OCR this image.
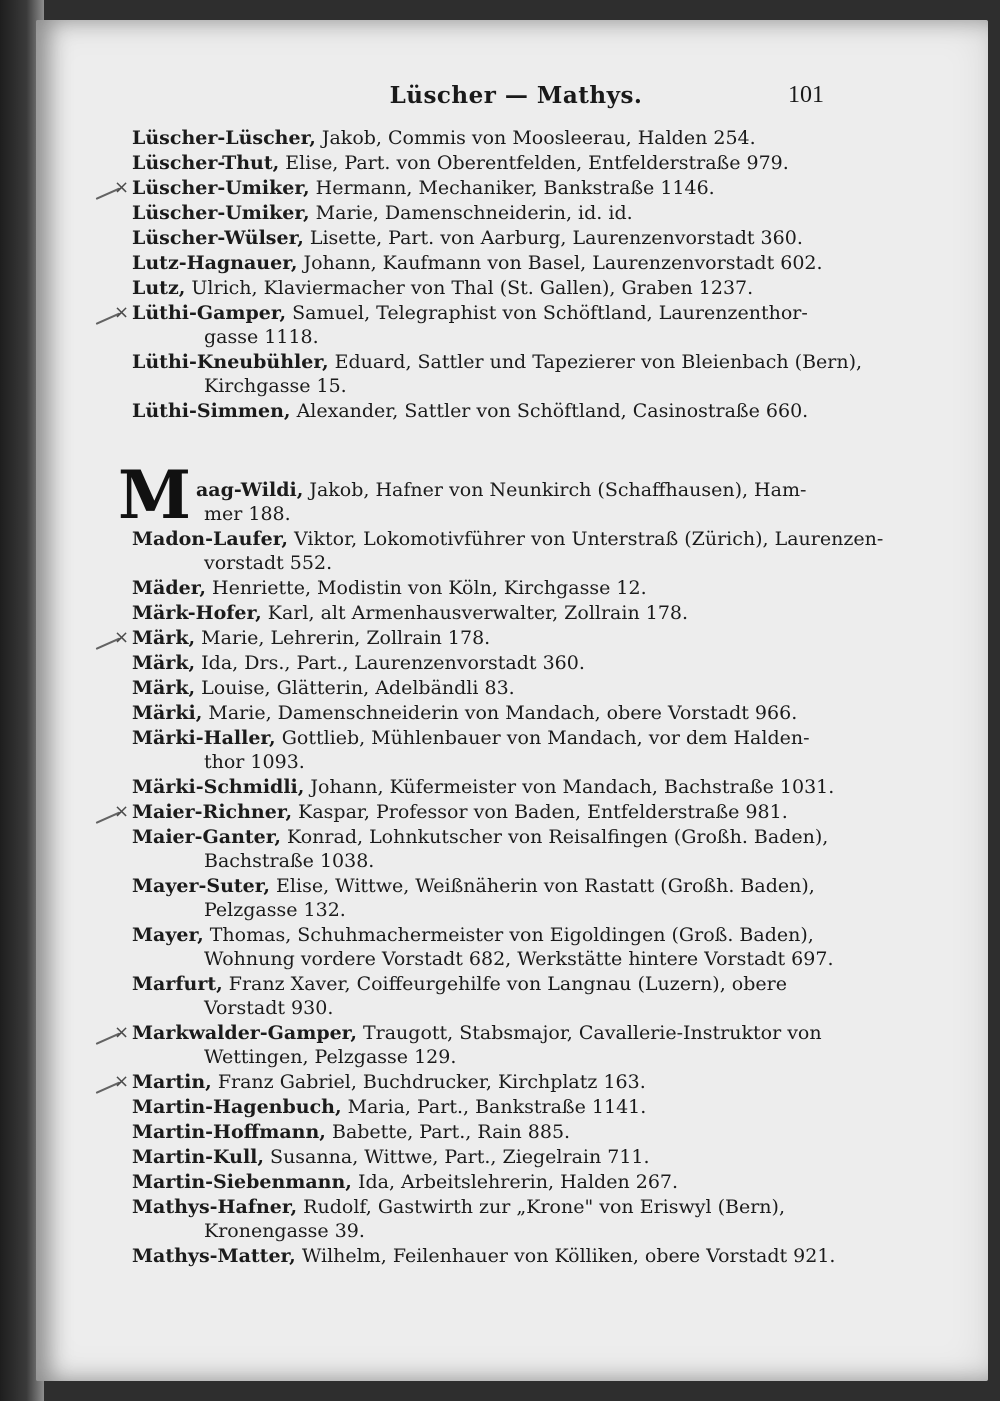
Lüscher — Mathys.	101
M
Lüscher-Lüscher, Jakob, Commis von Moosleerau, Halden 254.
Lüscher-Thut, Elise, Part. von Oberentfelden, Entfelderstraße 979.
Lüscher-Umiker, Hermann, Mechaniker, Bankstraße 1146.
Lüscher-Umiker, Marie, Damenschneiderin, id. id.
Lüscher-Wülser, Lisette, Part. von Aarburg, Laurenzenvorstadt 360.
Lutz-Hagnauer, Johann, Kaufmann von Basel, Laurenzenvorstadt 602.
Lutz, Ulrich, Klaviermacher von Thal (St. Gallen), Graben 1237.
Lüthi-Gamper, Samuel, Telegraphist von Schöftland, Laurenzenthor-
gasse 1118.
Lüthi-Kneubühler, Eduard, Sattler und Tapezierer von Bleienbach (Bern),
Kirchgasse 15.
Lüthi-Simmen, Alexander, Sattler von Schöftland, Casinostraße 660.
aag-Wildi, Jakob, Hafner von Neunkirch (Schaffhausen), Ham-
mer 188.
Madon-Laufer, Viktor, Lokomotivführer von Unterstraß (Zürich), Laurenzen-
vorstadt 552.
Mäder, Henriette, Modistin von Köln, Kirchgasse 12.
Märk-Hofer, Karl, alt Armenhausverwalter, Zollrain 178.
Märk, Marie, Lehrerin, Zollrain 178.
Märk, Ida, Drs., Part., Laurenzenvorstadt 360.
Märk, Louise, Glätterin, Adelbändli 83.
Märki, Marie, Damenschneiderin von Mandach, obere Vorstadt 966.
Märki-Haller, Gottlieb, Mühlenbauer von Mandach, vor dem Halden-
thor 1093.
Märki-Schmidli, Johann, Küfermeister von Mandach, Bachstraße 1031.
Maier-Richner, Kaspar, Professor von Baden, Entfelderstraße 981.
Maier-Ganter, Konrad, Lohnkutscher von Reisalfingen (Großh. Baden),
Bachstraße 1038.
Mayer-Suter, Elise, Wittwe, Weißnäherin von Rastatt (Großh. Baden),
Pelzgasse 132.
Mayer, Thomas, Schuhmachermeister von Eigoldingen (Groß. Baden),
Wohnung vordere Vorstadt 682, Werkstätte hintere Vorstadt 697.
Marfurt, Franz Xaver, Coiffeurgehilfe von Langnau (Luzern), obere
Vorstadt 930.
Markwalder-Gamper, Traugott, Stabsmajor, Cavallerie-Instruktor von
Wettingen, Pelzgasse 129.
Martin, Franz Gabriel, Buchdrucker, Kirchplatz 163.
Martin-Hagenbuch, Maria, Part., Bankstraße 1141.
Martin-Hoffmann, Babette, Part., Rain 885.
Martin-Kull, Susanna, Wittwe, Part., Ziegelrain 711.
Martin-Siebenmann, Ida, Arbeitslehrerin, Halden 267.
Mathys-Hafner, Rudolf, Gastwirth zur „Krone" von Eriswyl (Bern),
Kronengasse 39.
Mathys-Matter, Wilhelm, Feilenhauer von Kölliken, obere Vorstadt 921.
×
×
×
×
×
×
